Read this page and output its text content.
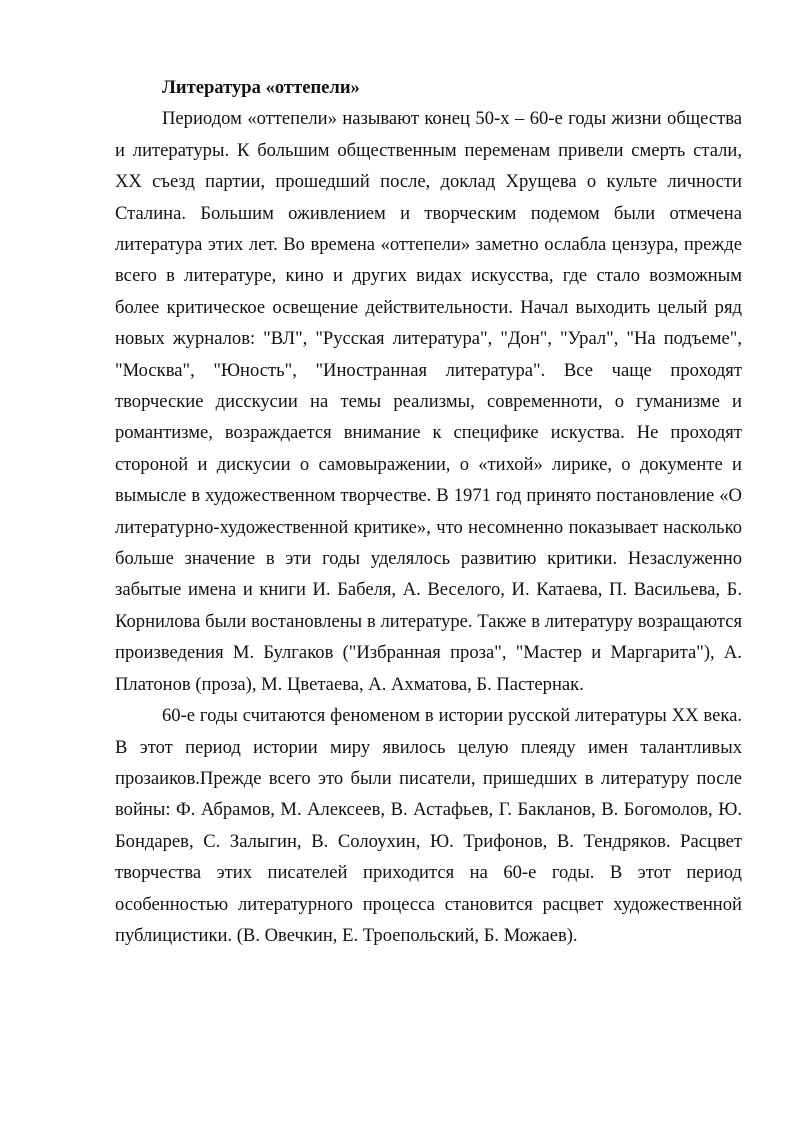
Литература «оттепели»

Периодом «оттепели» называют конец 50-х – 60-е годы жизни общества и литературы. К большим общественным переменам привели смерть стали, XX съезд партии, прошедший после, доклад Хрущева о культе личности Сталина. Большим оживлением и творческим подемом были отмечена литература этих лет. Во времена «оттепели» заметно ослабла цензура, прежде всего в литературе, кино и других видах искусства, где стало возможным более критическое освещение действительности. Начал выходить целый ряд новых журналов: "ВЛ", "Русская литература", "Дон", "Урал", "На подъеме", "Москва", "Юность", "Иностранная литература". Все чаще проходят творческие дисскусии на темы реализмы, современноти, о гуманизме и романтизме, возраждается внимание к специфике искуства. Не проходят стороной и дискусии о самовыражении, о «тихой» лирике, о документе и вымысле в художественном творчестве. В 1971 год принято постановление «О литературно-художественной критике», что несомненно показывает насколько больше значение в эти годы уделялось развитию критики. Незаслуженно забытые имена и книги И. Бабеля, А. Веселого, И. Катаева, П. Васильева, Б. Корнилова были востановлены в литературе. Также в литературу возращаются произведения М. Булгаков ("Избранная проза", "Мастер и Маргарита"), А. Платонов (проза), М. Цветаева, А. Ахматова, Б. Пастернак.

60-е годы считаются феноменом в истории русской литературы XX века. В этот период истории миру явилось целую плеяду имен талантливых прозаиков.Прежде всего это были писатели, пришедших в литературу после войны: Ф. Абрамов, М. Алексеев, В. Астафьев, Г. Бакланов, В. Богомолов, Ю. Бондарев, С. Залыгин, В. Солоухин, Ю. Трифонов, В. Тендряков. Расцвет творчества этих писателей приходится на 60-е годы. В этот период особенностью литературного процесса становится расцвет художественной публицистики. (В. Овечкин, Е. Троепольский, Б. Можаев).
